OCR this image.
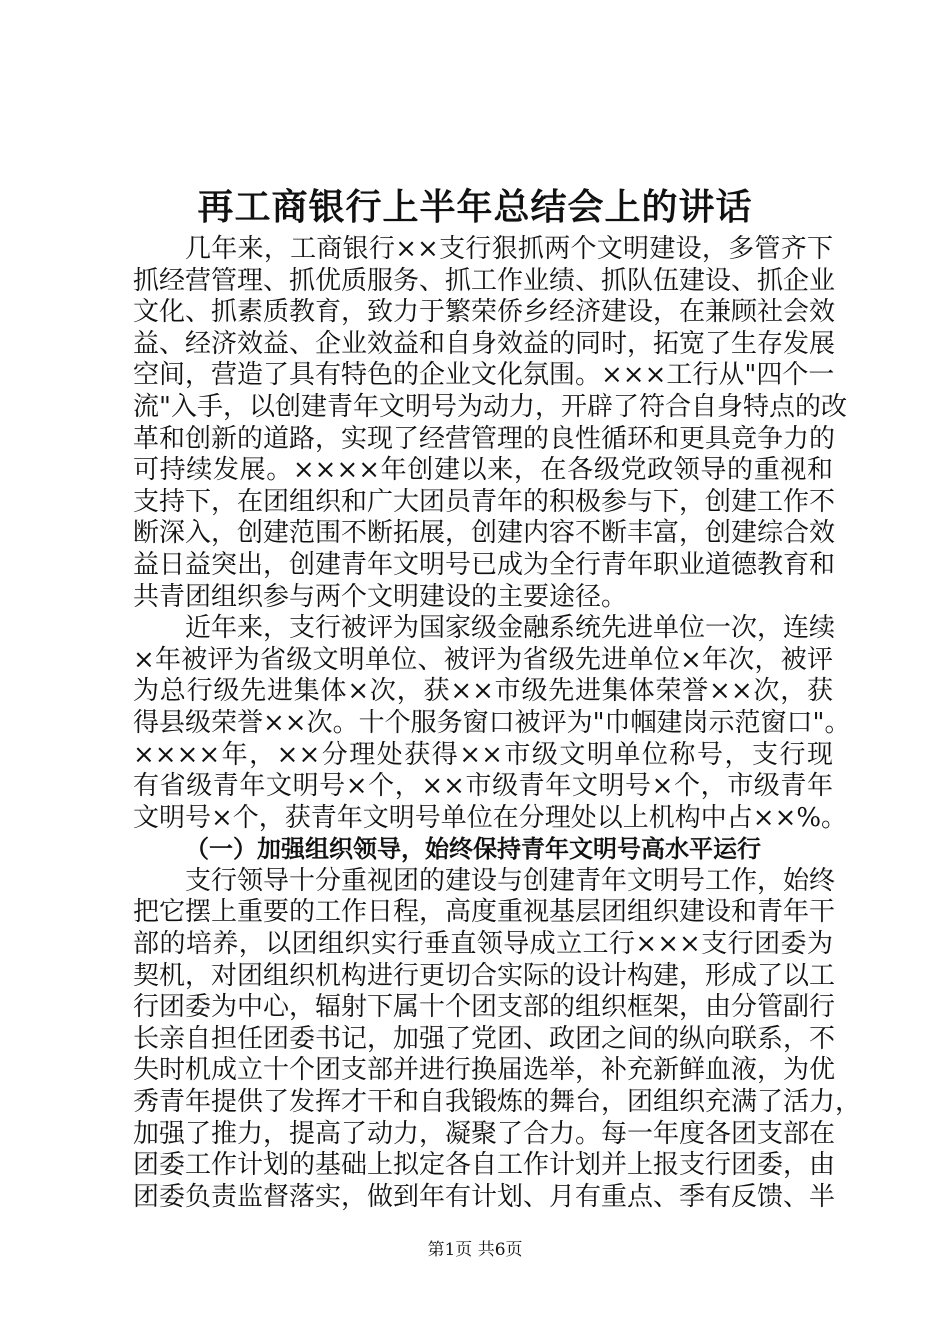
再工商银行上半年总结会上的讲话
几年来，工商银行××支行狠抓两个文明建设，多管齐下
抓经营管理、抓优质服务、抓工作业绩、抓队伍建设、抓企业
文化、抓素质教育，致力于繁荣侨乡经济建设，在兼顾社会效
益、经济效益、企业效益和自身效益的同时，拓宽了生存发展
空间，营造了具有特色的企业文化氛围。×××工行从"四个一
流"入手，以创建青年文明号为动力，开辟了符合自身特点的改
革和创新的道路，实现了经营管理的良性循环和更具竞争力的
可持续发展。××××年创建以来，在各级党政领导的重视和
支持下，在团组织和广大团员青年的积极参与下，创建工作不
断深入，创建范围不断拓展，创建内容不断丰富，创建综合效
益日益突出，创建青年文明号已成为全行青年职业道德教育和
共青团组织参与两个文明建设的主要途径。
近年来，支行被评为国家级金融系统先进单位一次，连续
×年被评为省级文明单位、被评为省级先进单位×年次，被评
为总行级先进集体×次，获××市级先进集体荣誉××次，获
得县级荣誉××次。十个服务窗口被评为"巾帼建岗示范窗口"。
××××年，××分理处获得××市级文明单位称号，支行现
有省级青年文明号×个，××市级青年文明号×个，市级青年
文明号×个，获青年文明号单位在分理处以上机构中占××%。
（一）加强组织领导，始终保持青年文明号高水平运行
支行领导十分重视团的建设与创建青年文明号工作，始终
把它摆上重要的工作日程，高度重视基层团组织建设和青年干
部的培养，以团组织实行垂直领导成立工行×××支行团委为
契机，对团组织机构进行更切合实际的设计构建，形成了以工
行团委为中心，辐射下属十个团支部的组织框架，由分管副行
长亲自担任团委书记，加强了党团、政团之间的纵向联系，不
失时机成立十个团支部并进行换届选举，补充新鲜血液，为优
秀青年提供了发挥才干和自我锻炼的舞台，团组织充满了活力，
加强了推力，提高了动力，凝聚了合力。每一年度各团支部在
团委工作计划的基础上拟定各自工作计划并上报支行团委，由
团委负责监督落实，做到年有计划、月有重点、季有反馈、半
第1页 共6页
